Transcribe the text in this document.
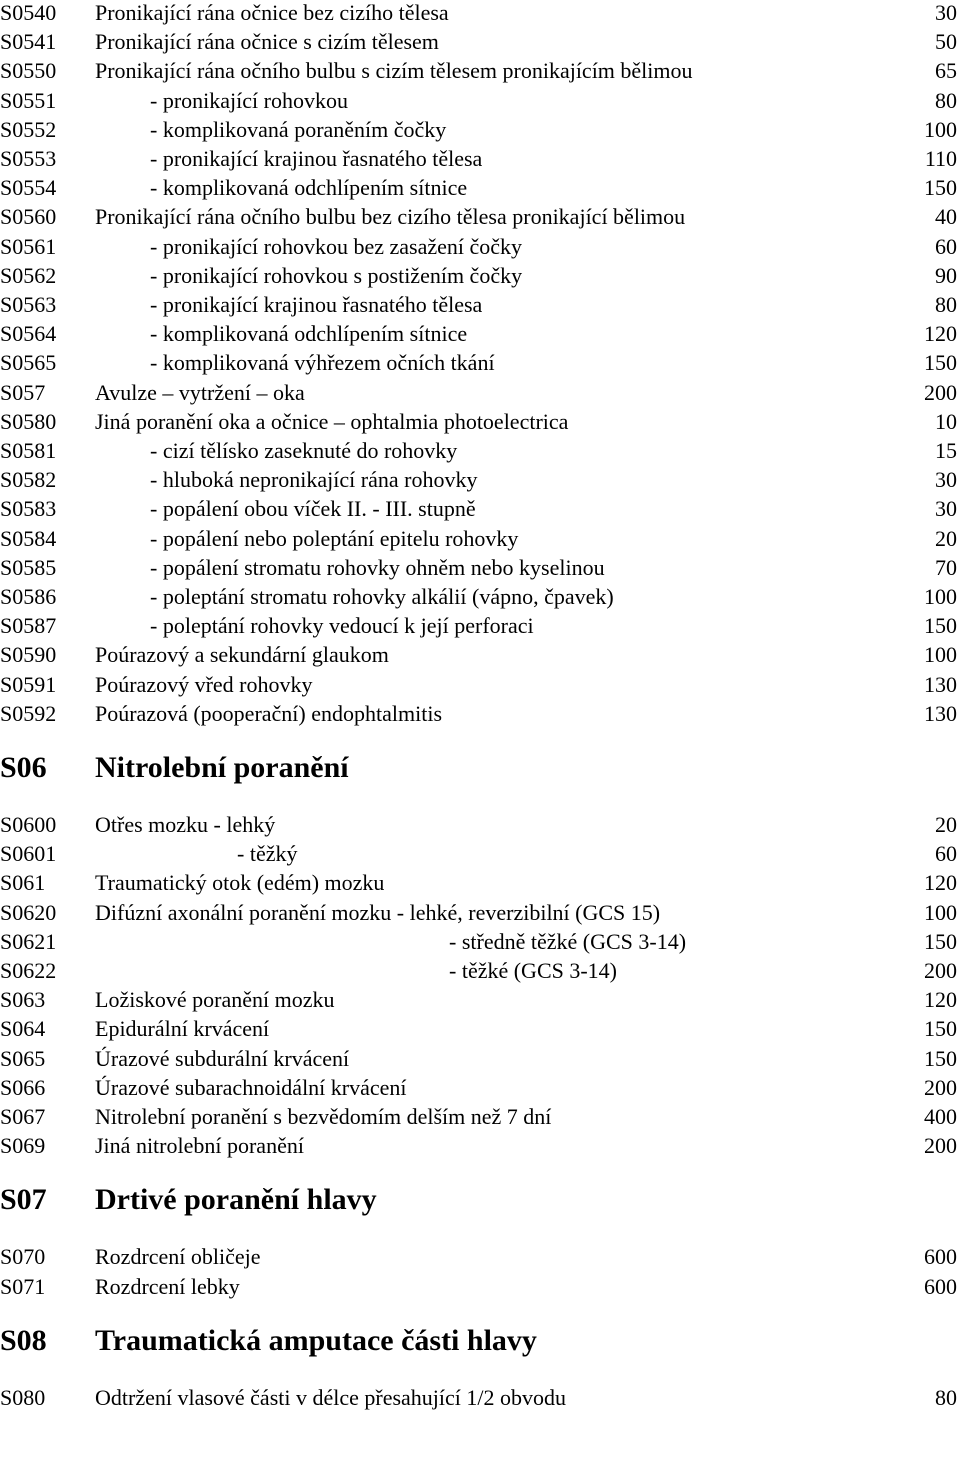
S0540 Pronikající rána očnice bez cizího tělesa	30
S0541 Pronikající rána očnice s cizím tělesem	50
S0550 Pronikající rána očního bulbu s cizím tělesem pronikajícím bělimou	65
S0551	- pronikající rohovkou	80
S0552	- komplikovaná poraněním čočky	100
S0553	- pronikající krajinou řasnatého tělesa	110
S0554	- komplikovaná odchlípením sítnice	150
S0560 Pronikající rána očního bulbu bez cizího tělesa pronikající bělimou	40
S0561	- pronikající rohovkou bez zasažení čočky	60
S0562	- pronikající rohovkou s postižením čočky	90
S0563	- pronikající krajinou řasnatého tělesa	80
S0564	- komplikovaná odchlípením sítnice	120
S0565	- komplikovaná výhřezem očních tkání	150
S057 Avulze – vytržení – oka	200
S0580 Jiná poranění oka a očnice – ophtalmia photoelectrica	10
S0581	- cizí tělísko zaseknuté do rohovky	15
S0582	- hluboká nepronikající rána rohovky	30
S0583	- popálení obou víček II. - III. stupně	30
S0584	- popálení nebo poleptání epitelu rohovky	20
S0585	- popálení stromatu rohovky ohněm nebo kyselinou	70
S0586	- poleptání stromatu rohovky alkálií (vápno, čpavek)	100
S0587	- poleptání rohovky vedoucí k její perforaci	150
S0590 Poúrazový a sekundární glaukom	100
S0591 Poúrazový vřed rohovky	130
S0592 Poúrazová (pooperační) endophtalmitis	130
S06 Nitrolební poranění
S0600 Otřes mozku - lehký	20
S0601	- těžký	60
S061 Traumatický otok (edém) mozku	120
S0620 Difúzní axonální poranění mozku - lehké, reverzibilní (GCS 15)	100
S0621	- středně těžké (GCS 3-14)	150
S0622	- těžké (GCS 3-14)	200
S063 Ložiskové poranění mozku	120
S064 Epidurální krvácení	150
S065 Úrazové subdurální krvácení	150
S066 Úrazové subarachnoidální krvácení	200
S067 Nitrolební poranění s bezvědomím delším než 7 dní	400
S069 Jiná nitrolební poranění	200
S07 Drtivé poranění hlavy
S070 Rozdrcení obličeje	600
S071 Rozdrcení lebky	600
S08 Traumatická amputace části hlavy
S080 Odtržení vlasové části v délce přesahující 1/2 obvodu	80
